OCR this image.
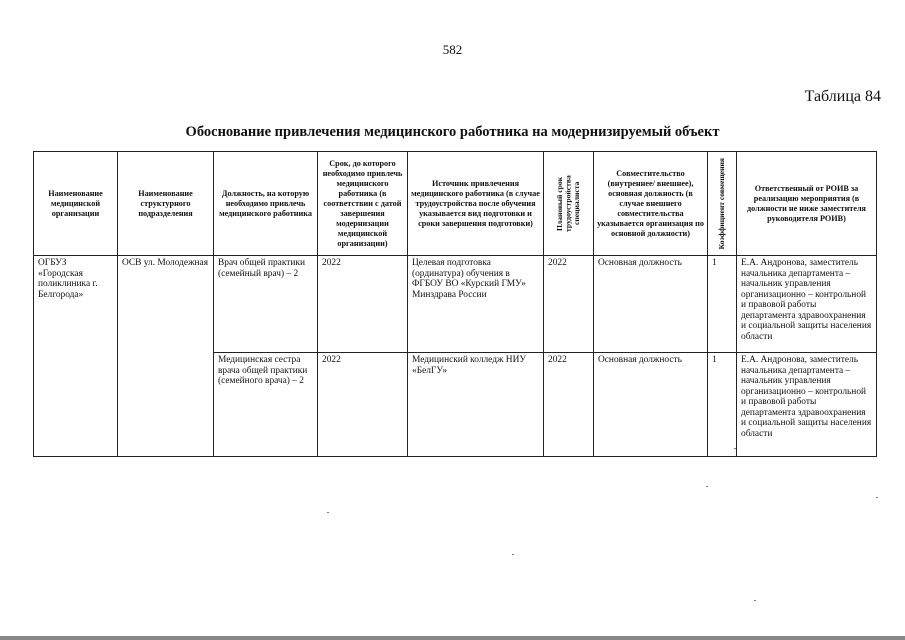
582
Таблица 84
Обоснование привлечения медицинского работника на модернизируемый объект
Наименование медицинской организации	Наименование структурного подразделения	Должность, на которую необходимо привлечь медицинского работника	Срок, до которого необходимо привлечь медицинского работника (в соответствии с датой завершения модернизации медицинской организации)	Источник привлечения медицинского работника (в случае трудоустройства после обучения указывается вид подготовки и сроки завершения подготовки)	Плановый срок трудоустройства специалиста	Совместительство (внутреннее/ внешнее), основная должность (в случае внешнего совместительства указывается организация по основной должности)	Коэффициент совмещения	Ответственный от РОИВ за реализацию мероприятия (в должности не ниже заместителя руководителя РОИВ)
ОГБУЗ «Городская поликлиника г. Белгорода»	ОСВ ул. Молодежная	Врач общей практики (семейный врач) – 2	2022	Целевая подготовка (ординатура) обучения в ФГБОУ ВО «Курский ГМУ» Минздрава России	2022	Основная должность	1	Е.А. Андронова, заместитель начальника департамента – начальник управления организационно – контрольной и правовой работы департамента здравоохранения и социальной защиты населения области
		Медицинская сестра врача общей практики (семейного врача) – 2	2022	Медицинский колледж НИУ «БелГУ»	2022	Основная должность	1	Е.А. Андронова, заместитель начальника департамента – начальник управления организационно – контрольной и правовой работы департамента здравоохранения и социальной защиты населения области
